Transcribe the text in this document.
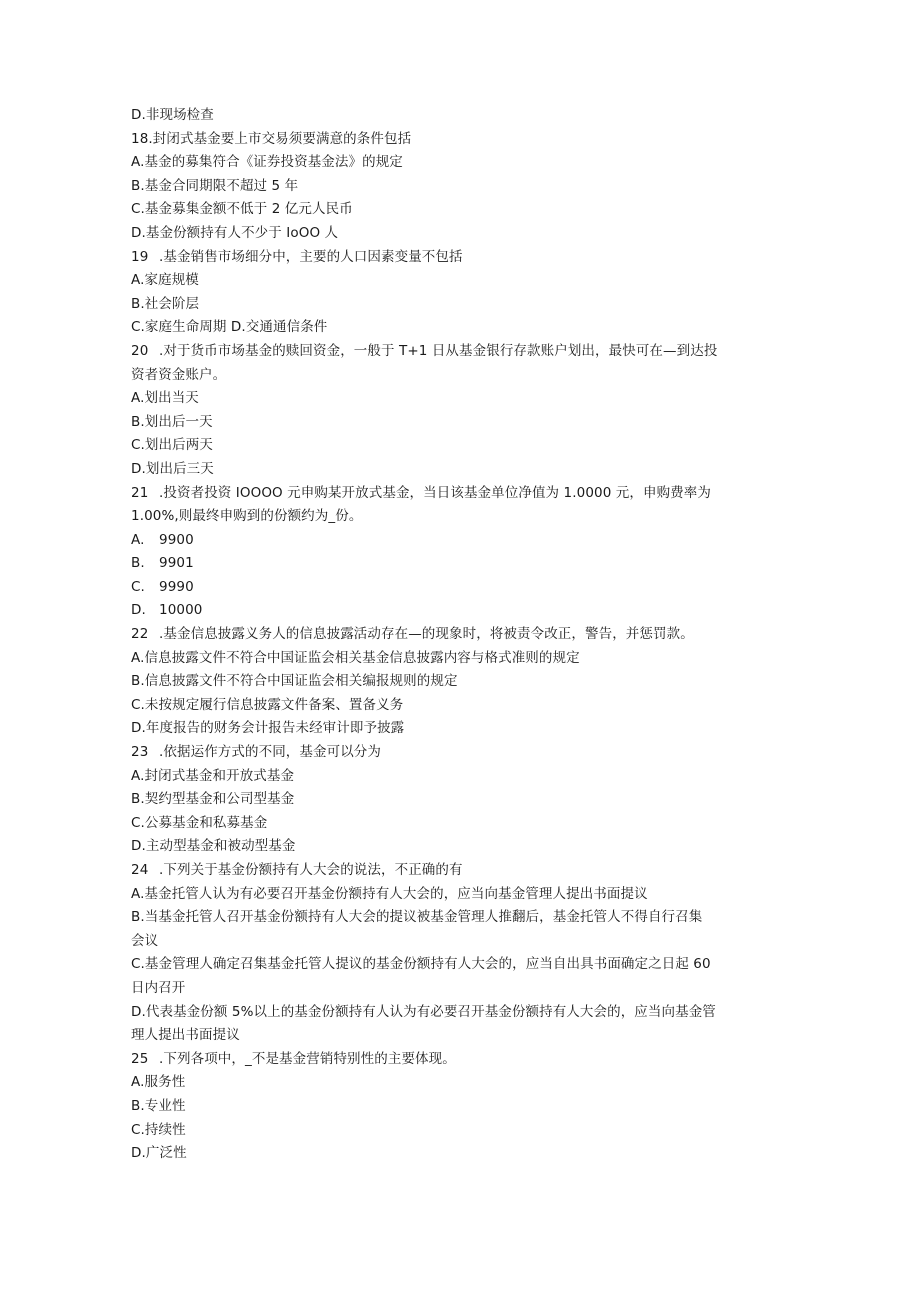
D.非现场检查
18.封闭式基金要上市交易须要满意的条件包括
A.基金的募集符合《证券投资基金法》的规定
B.基金合同期限不超过 5 年
C.基金募集金额不低于 2 亿元人民币
D.基金份额持有人不少于 IoOO 人
19 .基金销售市场细分中，主要的人口因素变量不包括
A.家庭规模
B.社会阶层
C.家庭生命周期 D.交通通信条件
20 .对于货币市场基金的赎回资金，一般于 T+1 日从基金银行存款账户划出，最快可在—到达投
资者资金账户。
A.划出当天
B.划出后一天
C.划出后两天
D.划出后三天
21 .投资者投资 IOOOO 元申购某开放式基金，当日该基金单位净值为 1.0000 元，申购费率为
1.00%,则最终申购到的份额约为_份。
A. 9900
B. 9901
C. 9990
D. 10000
22 .基金信息披露义务人的信息披露活动存在—的现象时，将被责令改正，警告，并惩罚款。
A.信息披露文件不符合中国证监会相关基金信息披露内容与格式准则的规定
B.信息披露文件不符合中国证监会相关编报规则的规定
C.未按规定履行信息披露文件备案、置备义务
D.年度报告的财务会计报告未经审计即予披露
23 .依据运作方式的不同，基金可以分为
A.封闭式基金和开放式基金
B.契约型基金和公司型基金
C.公募基金和私募基金
D.主动型基金和被动型基金
24 .下列关于基金份额持有人大会的说法，不正确的有
A.基金托管人认为有必要召开基金份额持有人大会的，应当向基金管理人提出书面提议
B.当基金托管人召开基金份额持有人大会的提议被基金管理人推翻后，基金托管人不得自行召集
会议
C.基金管理人确定召集基金托管人提议的基金份额持有人大会的，应当自出具书面确定之日起 60
日内召开
D.代表基金份额 5%以上的基金份额持有人认为有必要召开基金份额持有人大会的，应当向基金管
理人提出书面提议
25 .下列各项中，_不是基金营销特别性的主要体现。
A.服务性
B.专业性
C.持续性
D.广泛性
